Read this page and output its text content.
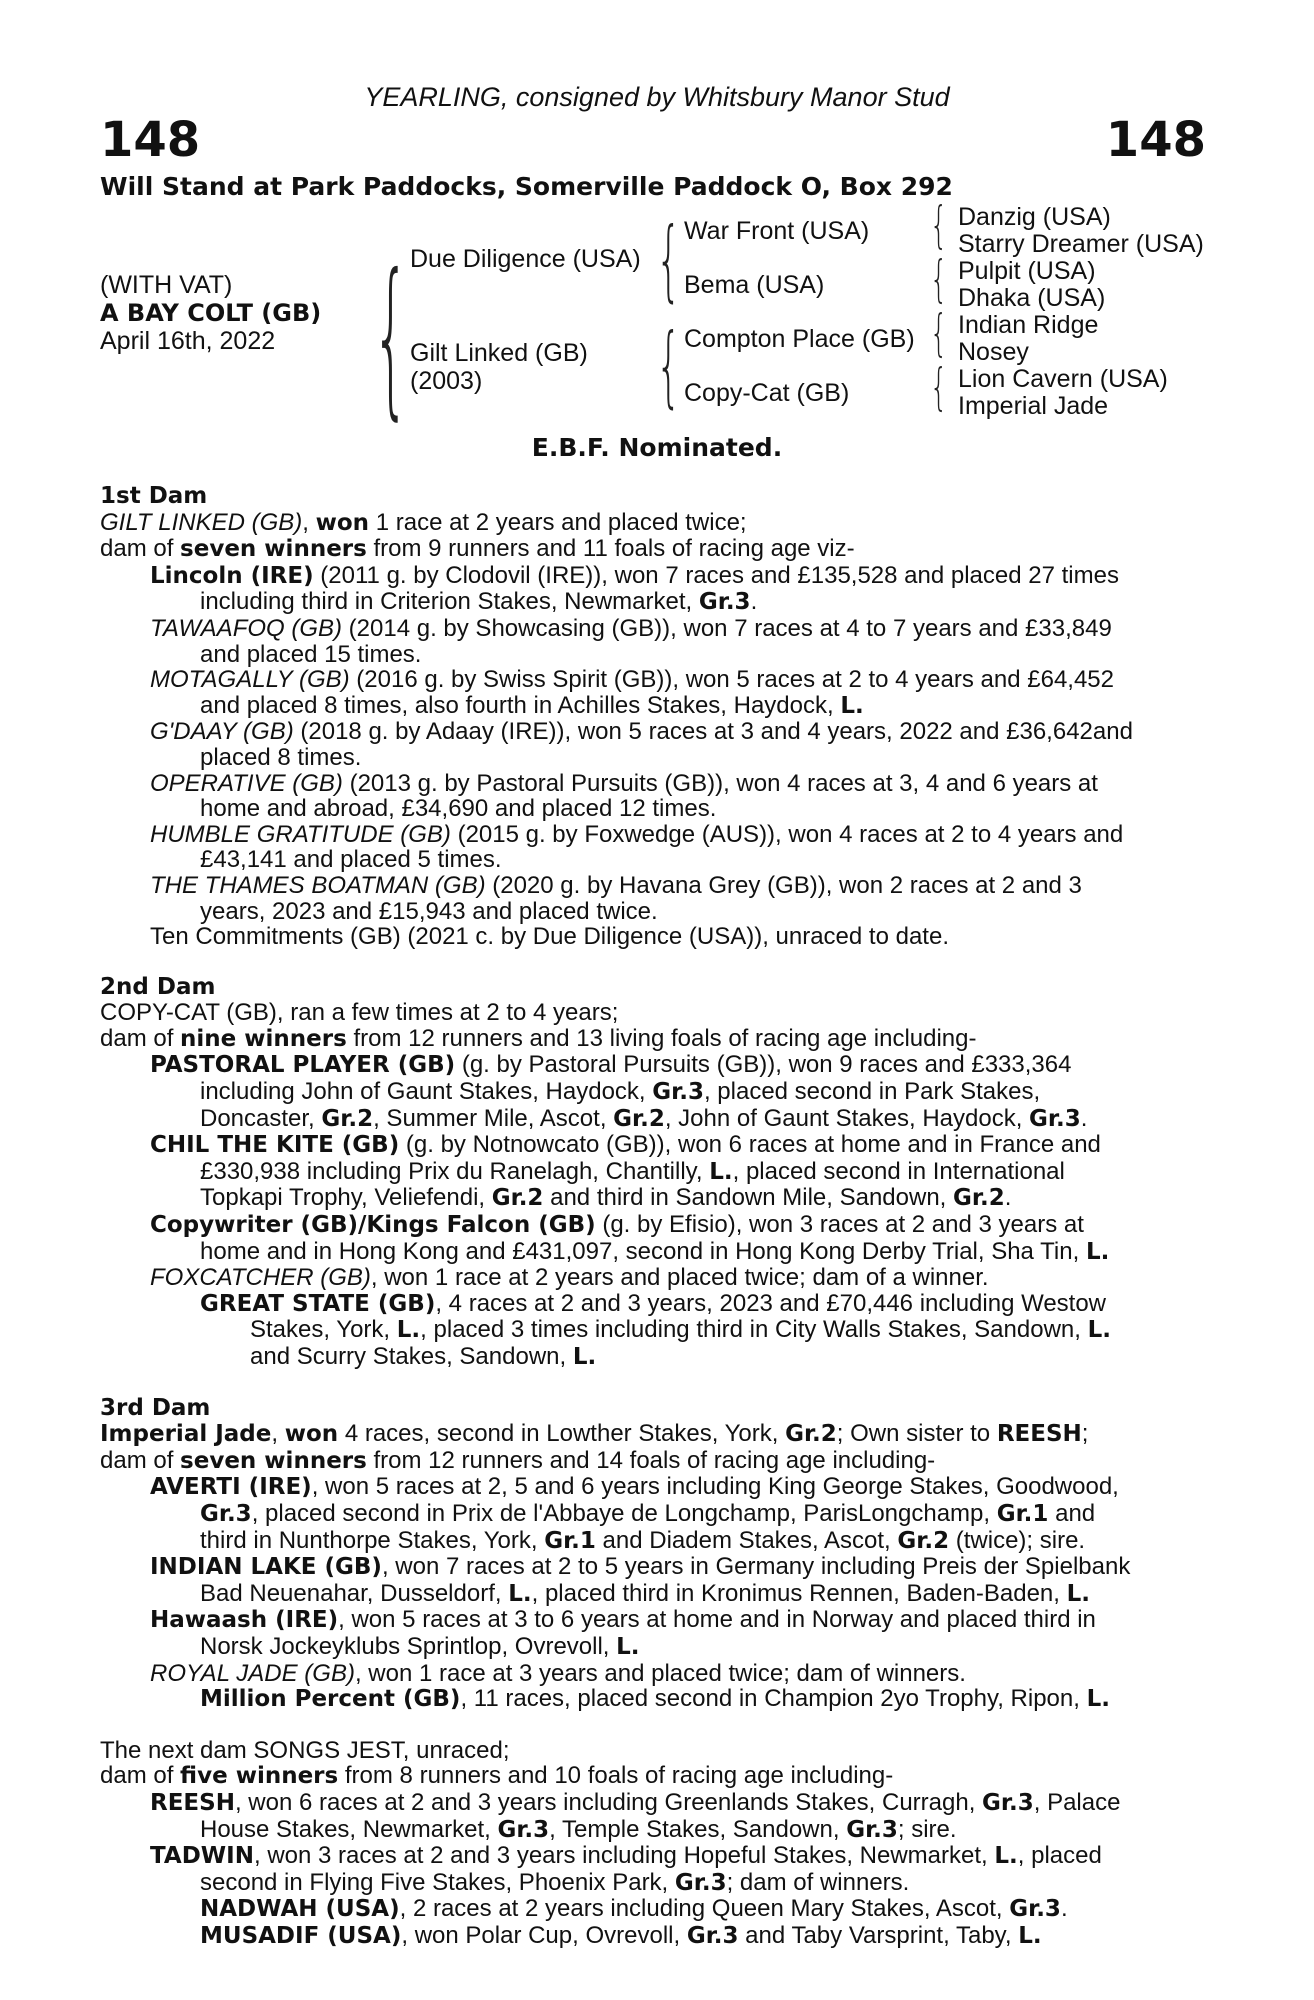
YEARLING, consigned by Whitsbury Manor Stud
148	148
Will Stand at Park Paddocks, Somerville Paddock O, Box 292
(WITH VAT)
A BAY COLT (GB)
April 16th, 2022 { Due Diligence (USA)
Gilt Linked (GB)
(2003)
{
{
War Front (USA)
Bema (USA)
Compton Place (GB)
Copy-Cat (GB)
{
{
{
{
Danzig (USA)
Starry Dreamer (USA)
Pulpit (USA)
Dhaka (USA)
Indian Ridge
Nosey
Lion Cavern (USA)
Imperial Jade
E.B.F. Nominated.
1st Dam
GILT LINKED (GB), won 1 race at 2 years and placed twice;
dam of seven winners from 9 runners and 11 foals of racing age viz-
Lincoln (IRE) (2011 g. by Clodovil (IRE)), won 7 races and £135,528 and placed 27 times
including third in Criterion Stakes, Newmarket, Gr.3.
TAWAAFOQ (GB) (2014 g. by Showcasing (GB)), won 7 races at 4 to 7 years and £33,849
and placed 15 times.
MOTAGALLY (GB) (2016 g. by Swiss Spirit (GB)), won 5 races at 2 to 4 years and £64,452
and placed 8 times, also fourth in Achilles Stakes, Haydock, L.
G'DAAY (GB) (2018 g. by Adaay (IRE)), won 5 races at 3 and 4 years, 2022 and £36,642and
placed 8 times.
OPERATIVE (GB) (2013 g. by Pastoral Pursuits (GB)), won 4 races at 3, 4 and 6 years at
home and abroad, £34,690 and placed 12 times.
HUMBLE GRATITUDE (GB) (2015 g. by Foxwedge (AUS)), won 4 races at 2 to 4 years and
£43,141 and placed 5 times.
THE THAMES BOATMAN (GB) (2020 g. by Havana Grey (GB)), won 2 races at 2 and 3
years, 2023 and £15,943 and placed twice.
Ten Commitments (GB) (2021 c. by Due Diligence (USA)), unraced to date.
2nd Dam
COPY-CAT (GB), ran a few times at 2 to 4 years;
dam of nine winners from 12 runners and 13 living foals of racing age including-
PASTORAL PLAYER (GB) (g. by Pastoral Pursuits (GB)), won 9 races and £333,364
including John of Gaunt Stakes, Haydock, Gr.3, placed second in Park Stakes,
Doncaster, Gr.2, Summer Mile, Ascot, Gr.2, John of Gaunt Stakes, Haydock, Gr.3.
CHIL THE KITE (GB) (g. by Notnowcato (GB)), won 6 races at home and in France and
£330,938 including Prix du Ranelagh, Chantilly, L., placed second in International
Topkapi Trophy, Veliefendi, Gr.2 and third in Sandown Mile, Sandown, Gr.2.
Copywriter (GB)/Kings Falcon (GB) (g. by Efisio), won 3 races at 2 and 3 years at
home and in Hong Kong and £431,097, second in Hong Kong Derby Trial, Sha Tin, L.
FOXCATCHER (GB), won 1 race at 2 years and placed twice; dam of a winner.
GREAT STATE (GB), 4 races at 2 and 3 years, 2023 and £70,446 including Westow
Stakes, York, L., placed 3 times including third in City Walls Stakes, Sandown, L.
and Scurry Stakes, Sandown, L.
3rd Dam
Imperial Jade, won 4 races, second in Lowther Stakes, York, Gr.2; Own sister to REESH;
dam of seven winners from 12 runners and 14 foals of racing age including-
AVERTI (IRE), won 5 races at 2, 5 and 6 years including King George Stakes, Goodwood,
Gr.3, placed second in Prix de l'Abbaye de Longchamp, ParisLongchamp, Gr.1 and
third in Nunthorpe Stakes, York, Gr.1 and Diadem Stakes, Ascot, Gr.2 (twice); sire.
INDIAN LAKE (GB), won 7 races at 2 to 5 years in Germany including Preis der Spielbank
Bad Neuenahar, Dusseldorf, L., placed third in Kronimus Rennen, Baden-Baden, L.
Hawaash (IRE), won 5 races at 3 to 6 years at home and in Norway and placed third in
Norsk Jockeyklubs Sprintlop, Ovrevoll, L.
ROYAL JADE (GB), won 1 race at 3 years and placed twice; dam of winners.
Million Percent (GB), 11 races, placed second in Champion 2yo Trophy, Ripon, L.
The next dam SONGS JEST, unraced;
dam of five winners from 8 runners and 10 foals of racing age including-
REESH, won 6 races at 2 and 3 years including Greenlands Stakes, Curragh, Gr.3, Palace
House Stakes, Newmarket, Gr.3, Temple Stakes, Sandown, Gr.3; sire.
TADWIN, won 3 races at 2 and 3 years including Hopeful Stakes, Newmarket, L., placed
second in Flying Five Stakes, Phoenix Park, Gr.3; dam of winners.
NADWAH (USA), 2 races at 2 years including Queen Mary Stakes, Ascot, Gr.3.
MUSADIF (USA), won Polar Cup, Ovrevoll, Gr.3 and Taby Varsprint, Taby, L.
